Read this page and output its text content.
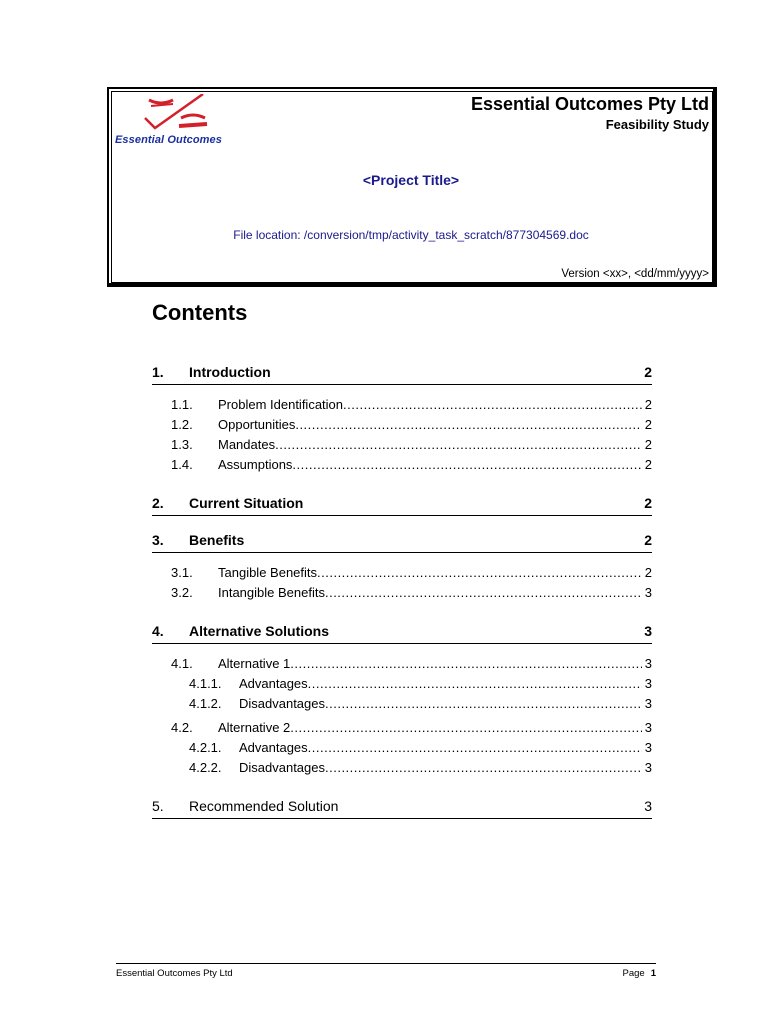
Essential Outcomes
Essential Outcomes Pty Ltd
Feasibility Study
<Project Title>
File location: /conversion/tmp/activity_task_scratch/877304569.doc
Version <xx>, <dd/mm/yyyy>
Contents
1. Introduction	2
1.1.	Problem Identification .....	2
1.2.	Opportunities .....	2
1.3.	Mandates .....	2
1.4.	Assumptions .....	2
2. Current Situation	2
3. Benefits	2
3.1.	Tangible Benefits .....	2
3.2.	Intangible Benefits .....	3
4. Alternative Solutions	3
4.1.	Alternative 1 .....	3
4.1.1.	Advantages .....	3
4.1.2.	Disadvantages .....	3
4.2.	Alternative 2 .....	3
4.2.1.	Advantages .....	3
4.2.2.	Disadvantages .....	3
5. Recommended Solution	3
Essential Outcomes Pty Ltd	Page 1
